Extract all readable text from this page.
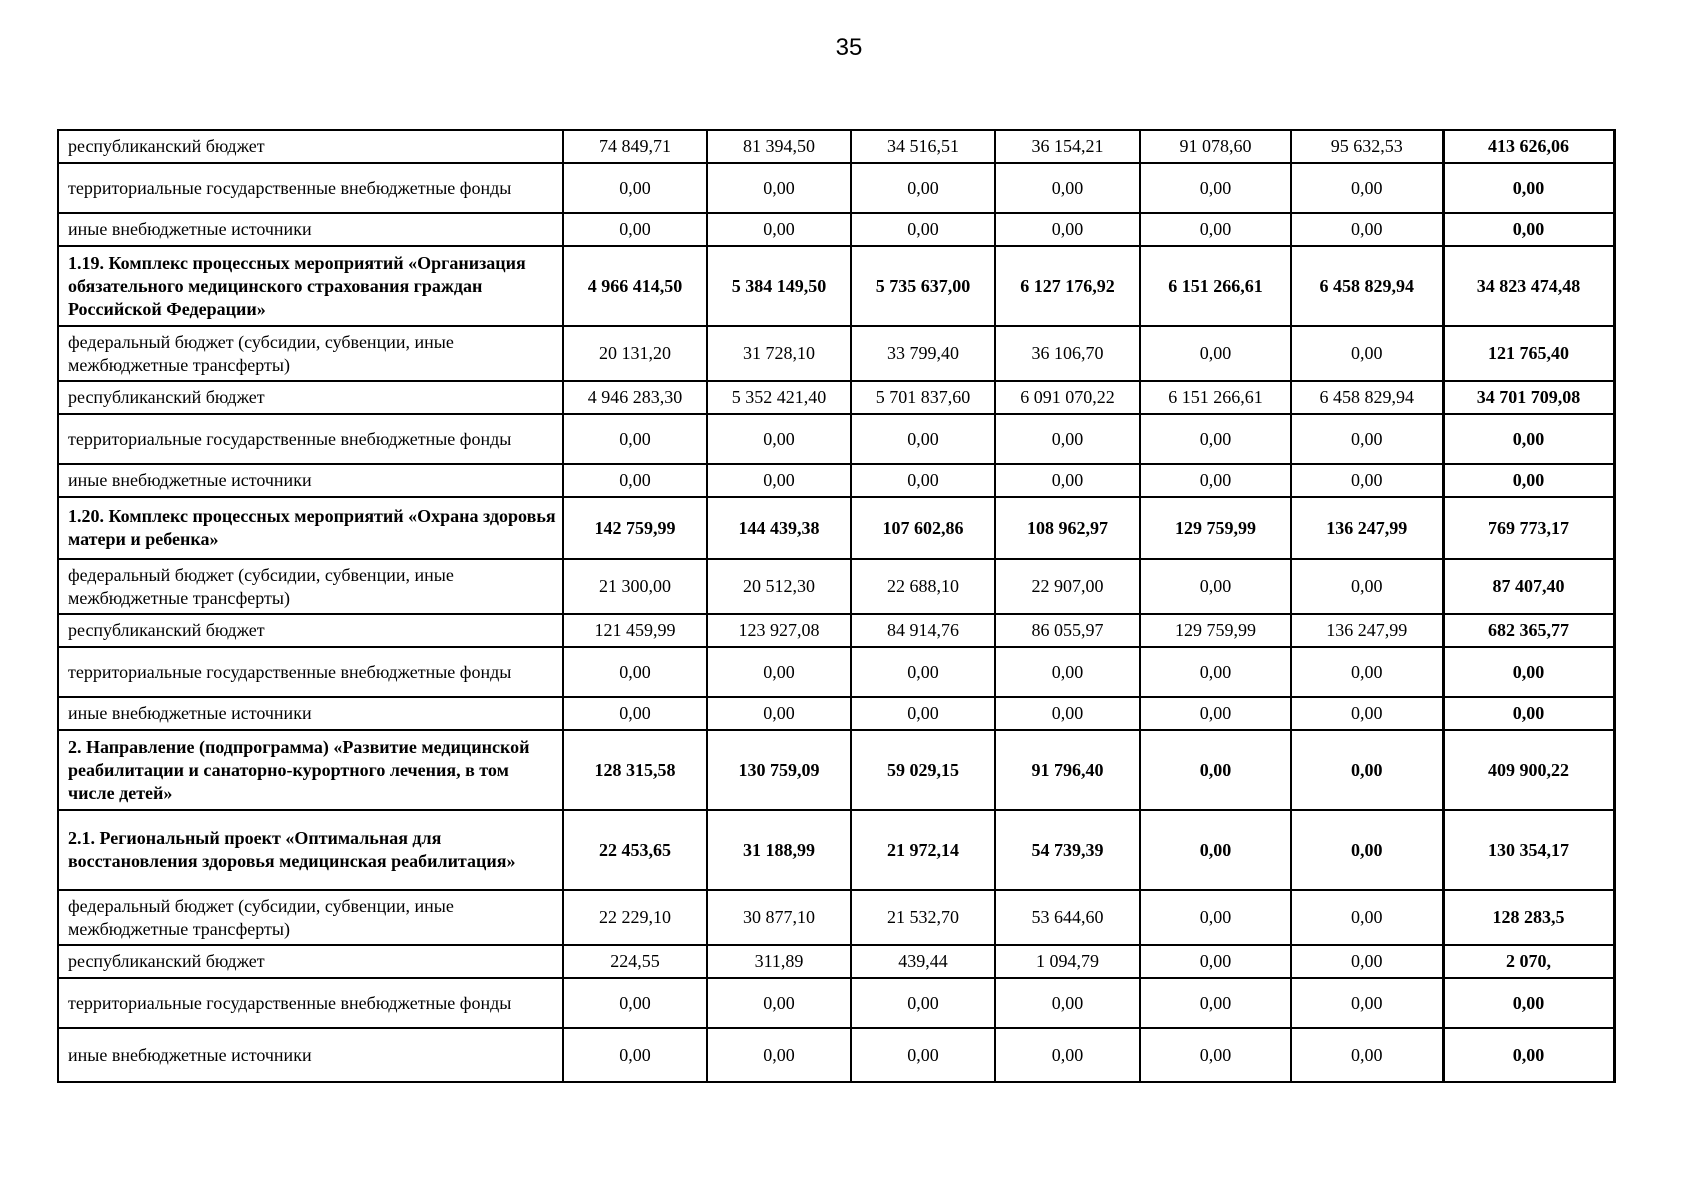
35
республиканский бюджет	74 849,71	81 394,50	34 516,51	36 154,21	91 078,60	95 632,53	413 626,06
территориальные государственные внебюджетные фонды	0,00	0,00	0,00	0,00	0,00	0,00	0,00
иные внебюджетные источники	0,00	0,00	0,00	0,00	0,00	0,00	0,00
1.19. Комплекс процессных мероприятий «Организация обязательного медицинского страхования граждан Российской Федерации»	4 966 414,50	5 384 149,50	5 735 637,00	6 127 176,92	6 151 266,61	6 458 829,94	34 823 474,48
федеральный бюджет (субсидии, субвенции, иные межбюджетные трансферты)	20 131,20	31 728,10	33 799,40	36 106,70	0,00	0,00	121 765,40
республиканский бюджет	4 946 283,30	5 352 421,40	5 701 837,60	6 091 070,22	6 151 266,61	6 458 829,94	34 701 709,08
территориальные государственные внебюджетные фонды	0,00	0,00	0,00	0,00	0,00	0,00	0,00
иные внебюджетные источники	0,00	0,00	0,00	0,00	0,00	0,00	0,00
1.20. Комплекс процессных мероприятий «Охрана здоровья матери и ребенка»	142 759,99	144 439,38	107 602,86	108 962,97	129 759,99	136 247,99	769 773,17
федеральный бюджет (субсидии, субвенции, иные межбюджетные трансферты)	21 300,00	20 512,30	22 688,10	22 907,00	0,00	0,00	87 407,40
республиканский бюджет	121 459,99	123 927,08	84 914,76	86 055,97	129 759,99	136 247,99	682 365,77
территориальные государственные внебюджетные фонды	0,00	0,00	0,00	0,00	0,00	0,00	0,00
иные внебюджетные источники	0,00	0,00	0,00	0,00	0,00	0,00	0,00
2. Направление (подпрограмма) «Развитие медицинской реабилитации и санаторно-курортного лечения, в том числе детей»	128 315,58	130 759,09	59 029,15	91 796,40	0,00	0,00	409 900,22
2.1. Региональный проект «Оптимальная для восстановления здоровья медицинская реабилитация»	22 453,65	31 188,99	21 972,14	54 739,39	0,00	0,00	130 354,17
федеральный бюджет (субсидии, субвенции, иные межбюджетные трансферты)	22 229,10	30 877,10	21 532,70	53 644,60	0,00	0,00	128 283,5
республиканский бюджет	224,55	311,89	439,44	1 094,79	0,00	0,00	2 070,
территориальные государственные внебюджетные фонды	0,00	0,00	0,00	0,00	0,00	0,00	0,00
иные внебюджетные источники	0,00	0,00	0,00	0,00	0,00	0,00	0,00
